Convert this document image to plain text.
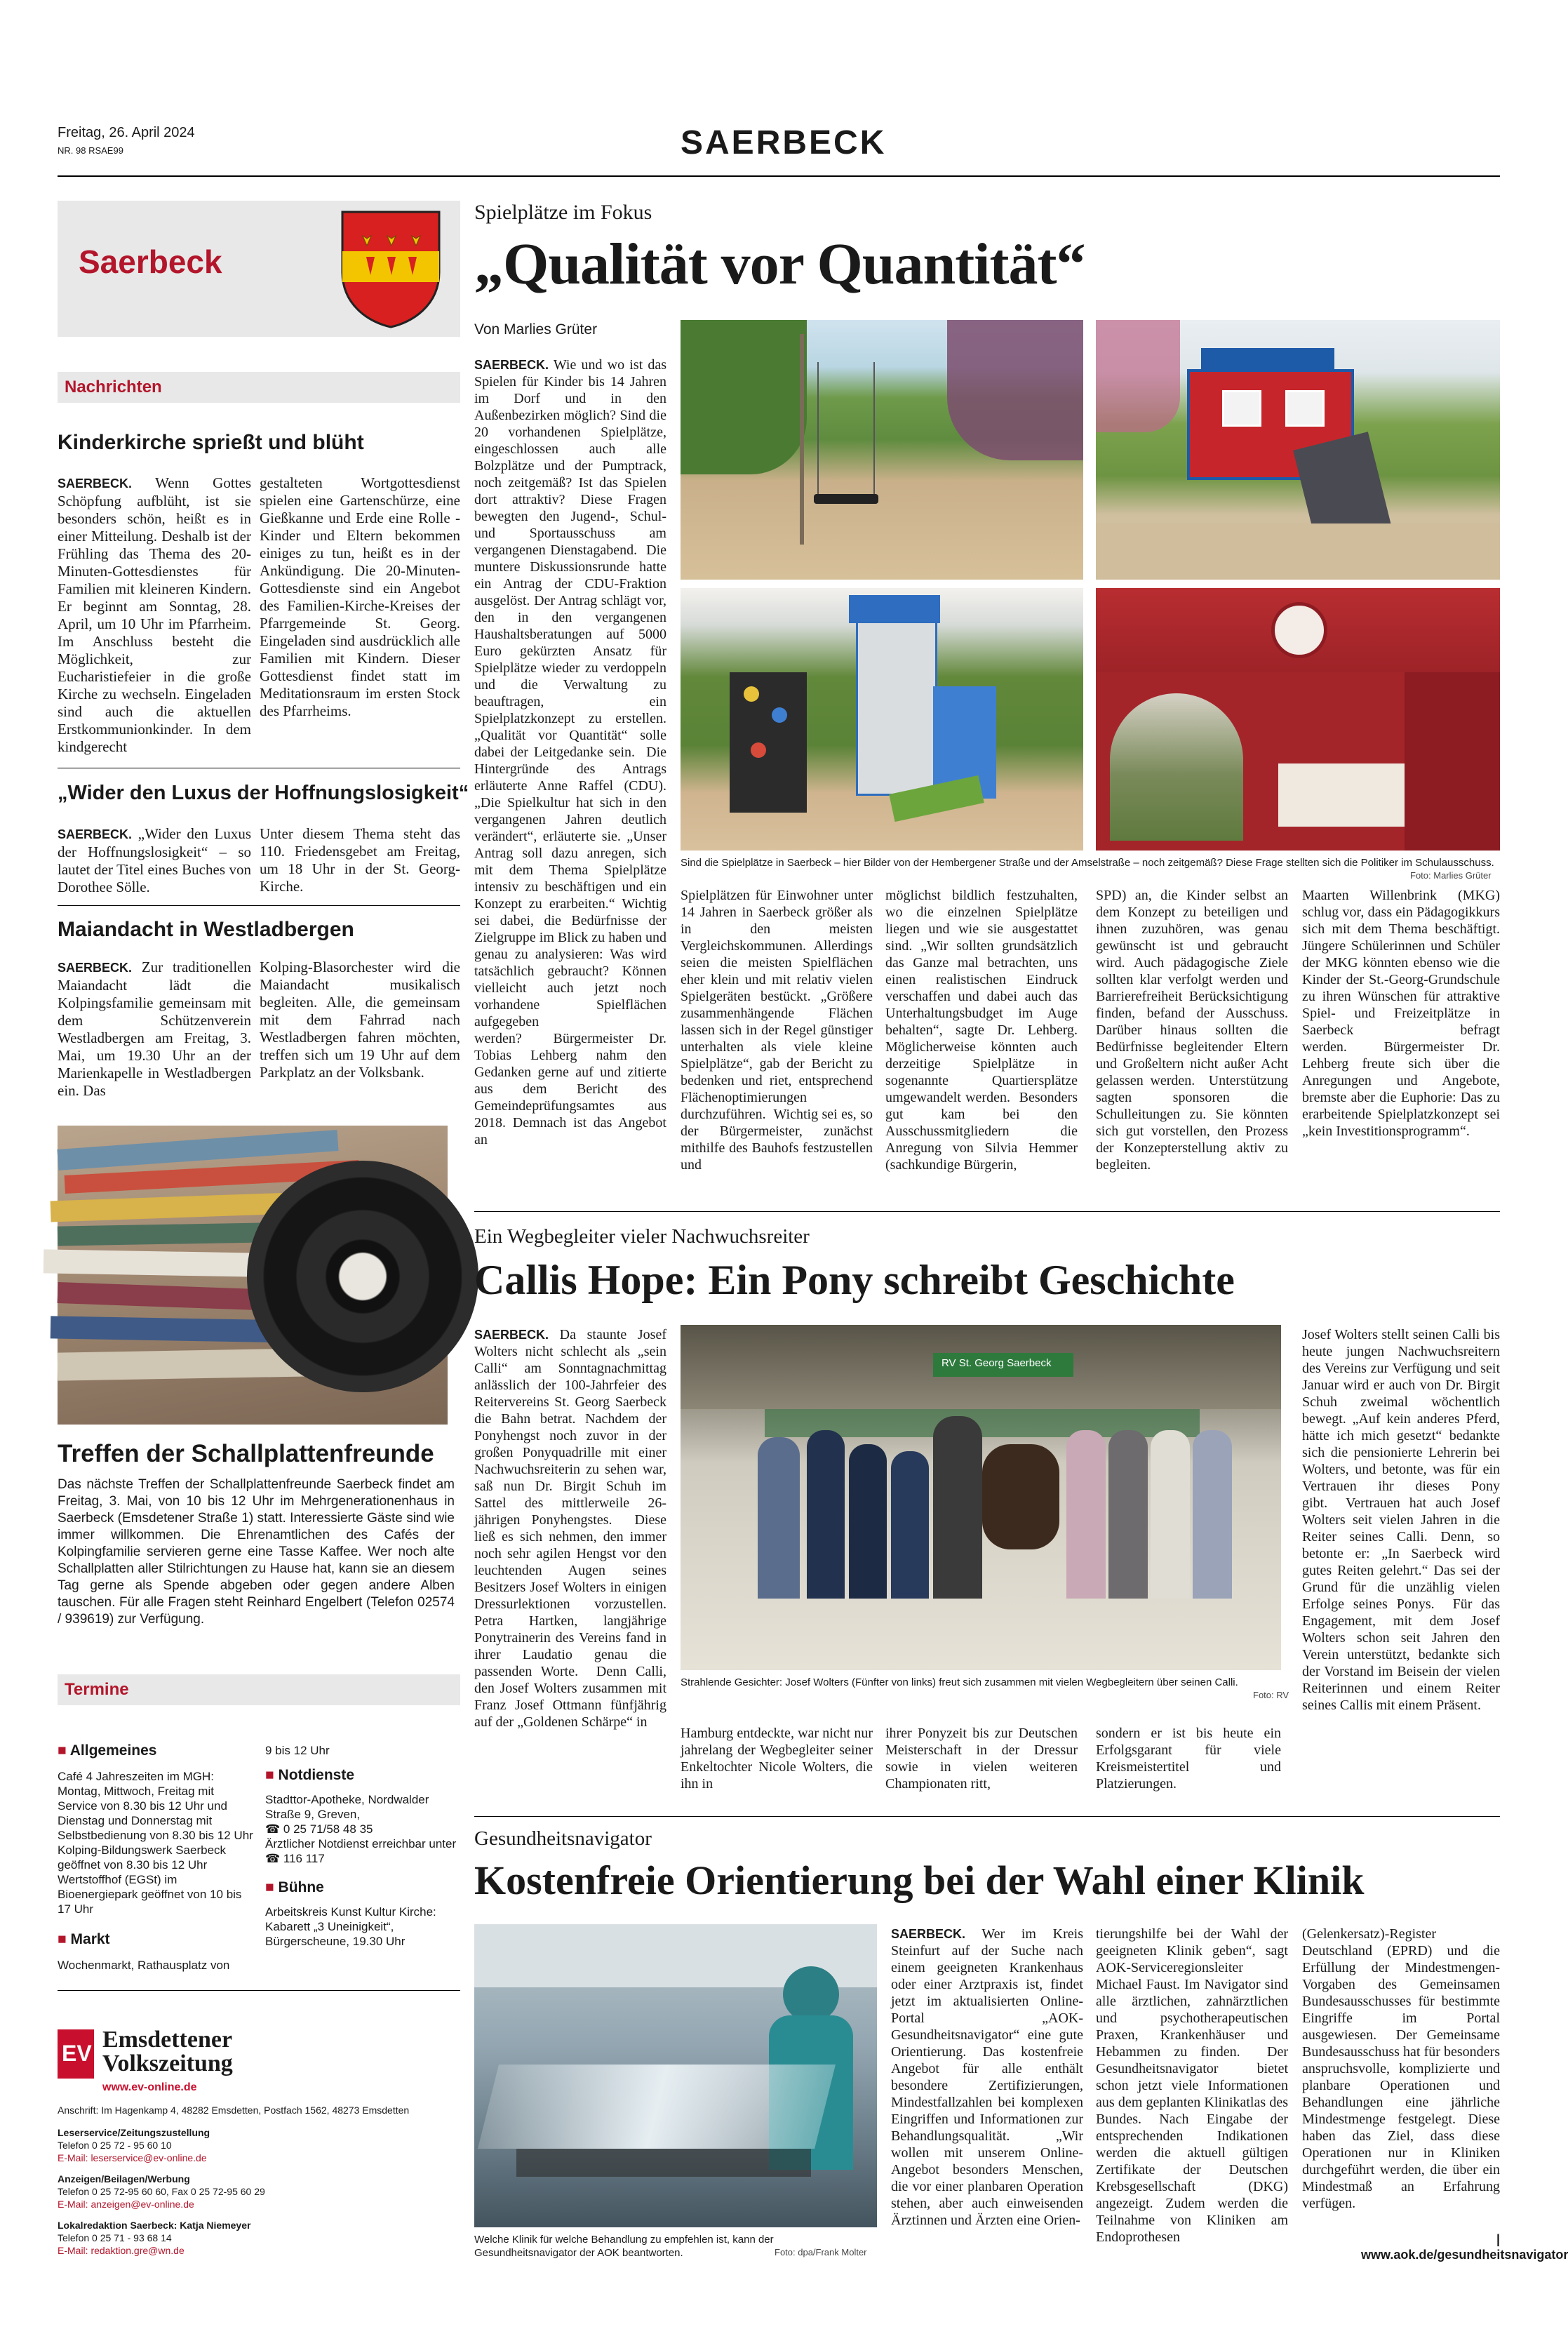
Freitag, 26. April 2024
NR. 98 RSAE99	SAERBECK
Saerbeck
Nachrichten
Kinderkirche sprießt und blüht
SAERBECK. Wenn Gottes Schöpfung aufblüht, ist sie besonders schön, heißt es in einer Mitteilung. Deshalb ist der Frühling das Thema des 20-Minuten-Gottesdienstes für Familien mit kleineren Kindern. Er beginnt am Sonntag, 28. April, um 10 Uhr im Pfarrheim. Im Anschluss besteht die Möglichkeit, zur Eucharistiefeier in die große Kirche zu wechseln. Eingeladen sind auch die aktuellen Erstkommunionkinder. In dem kindgerecht
gestalteten Wortgottesdienst spielen eine Gartenschürze, eine Gießkanne und Erde eine Rolle - Kinder und Eltern bekommen einiges zu tun, heißt es in der Ankündigung. Die 20-Minuten-Gottesdienste sind ein Angebot des Familien-Kirche-Kreises der Pfarrgemeinde St. Georg. Eingeladen sind ausdrücklich alle Familien mit Kindern. Dieser Gottesdienst findet statt im Meditationsraum im ersten Stock des Pfarrheims.
„Wider den Luxus der Hoffnungslosigkeit“
SAERBECK. „Wider den Luxus der Hoffnungslosigkeit“ – so lautet der Titel eines Buches von Dorothee Sölle.
Unter diesem Thema steht das 110. Friedensgebet am Freitag, um 18 Uhr in der St. Georg-Kirche.
Maiandacht in Westladbergen
SAERBECK. Zur traditionellen Maiandacht lädt die Kolpingsfamilie gemeinsam mit dem Schützenverein Westladbergen am Freitag, 3. Mai, um 19.30 Uhr an der Marienkapelle in Westladbergen ein. Das
Kolping-Blasorchester wird die Maiandacht musikalisch begleiten. Alle, die gemeinsam mit dem Fahrrad nach Westladbergen fahren möchten, treffen sich um 19 Uhr auf dem Parkplatz an der Volksbank.
Treffen der Schallplattenfreunde
Das nächste Treffen der Schallplattenfreunde Saerbeck findet am Freitag, 3. Mai, von 10 bis 12 Uhr im Mehrgenerationenhaus in Saerbeck (Emsdetener Straße 1) statt. Interessierte Gäste sind wie immer willkommen. Die Ehrenamtlichen des Cafés der Kolpingfamilie servieren gerne eine Tasse Kaffee. Wer noch alte Schallplatten aller Stilrichtungen zu Hause hat, kann sie an diesem Tag gerne als Spende abgeben oder gegen andere Alben tauschen. Für alle Fragen steht Reinhard Engelbert (Telefon 02574 / 939619) zur Verfügung.
Termine
■ Allgemeines
Café 4 Jahreszeiten im MGH: Montag, Mittwoch, Freitag mit Service von 8.30 bis 12 Uhr und Dienstag und Donnerstag mit Selbstbedienung von 8.30 bis 12 Uhr
Kolping-Bildungswerk Saerbeck geöffnet von 8.30 bis 12 Uhr
Wertstoffhof (EGSt) im Bioenergiepark geöffnet von 10 bis 17 Uhr
■ Markt
Wochenmarkt, Rathausplatz von
9 bis 12 Uhr
■ Notdienste
Stadttor-Apotheke, Nordwalder Straße 9, Greven,
☎ 0 25 71/58 48 35
Ärztlicher Notdienst erreichbar unter ☎ 116 117
■ Bühne
Arbeitskreis Kunst Kultur Kirche: Kabarett „3 Uneinigkeit“, Bürgerscheune, 19.30 Uhr
EV
Emsdettener
Volkszeitung
www.ev-online.de
Anschrift: Im Hagenkamp 4, 48282 Emsdetten, Postfach 1562, 48273 Emsdetten
Leserservice/Zeitungszustellung
Telefon 0 25 72 - 95 60 10
E-Mail: leserservice@ev-online.de
Anzeigen/Beilagen/Werbung
Telefon 0 25 72-95 60 60, Fax 0 25 72-95 60 29
E-Mail: anzeigen@ev-online.de
Lokalredaktion Saerbeck: Katja Niemeyer
Telefon 0 25 71 - 93 68 14
E-Mail: redaktion.gre@wn.de
Spielplätze im Fokus
„Qualität vor Quantität“
Von Marlies Grüter
SAERBECK. Wie und wo ist das Spielen für Kinder bis 14 Jahren im Dorf und in den Außenbezirken möglich? Sind die 20 vorhandenen Spielplätze, eingeschlossen auch alle Bolzplätze und der Pumptrack, noch zeitgemäß? Ist das Spielen dort attraktiv? Diese Fragen bewegten den Jugend-, Schul- und Sportausschuss am vergangenen Dienstagabend.  Die muntere Diskussionsrunde hatte ein Antrag der CDU-Fraktion ausgelöst. Der Antrag schlägt vor, den in den vergangenen Haushaltsberatungen auf 5000 Euro gekürzten Ansatz für Spielplätze wieder zu verdoppeln und die Verwaltung zu beauftragen, ein Spielplatzkonzept zu erstellen. „Qualität vor Quantität“ solle dabei der Leitgedanke sein.  Die Hintergründe des Antrags erläuterte Anne Raffel (CDU). „Die Spielkultur hat sich in den vergangenen Jahren deutlich verändert“, erläuterte sie. „Unser Antrag soll dazu anregen, sich mit dem Thema Spielplätze intensiv zu beschäftigen und ein Konzept zu erarbeiten.“ Wichtig sei dabei, die Bedürfnisse der Zielgruppe im Blick zu haben und genau zu analysieren: Was wird tatsächlich gebraucht? Können vielleicht auch jetzt noch vorhandene Spielflächen aufgegeben werden?  Bürgermeister Dr. Tobias Lehberg nahm den Gedanken gerne auf und zitierte aus dem Bericht des Gemeindeprüfungsamtes aus 2018. Demnach ist das Angebot an
Sind die Spielplätze in Saerbeck – hier Bilder von der Hembergener Straße und der Amselstraße – noch zeitgemäß? Diese Frage stellten sich die Politiker im Schulausschuss.
Foto: Marlies Grüter
Spielplätzen für Einwohner unter 14 Jahren in Saerbeck größer als in den meisten Vergleichskommunen. Allerdings seien die meisten Spielflächen eher klein und mit relativ vielen Spielgeräten bestückt. „Größere zusammenhängende Flächen lassen sich in der Regel günstiger unterhalten als viele kleine Spielplätze“, gab der Bericht zu bedenken und riet, entsprechend Flächenoptimierungen durchzuführen.  Wichtig sei es, so der Bürgermeister, zunächst mithilfe des Bauhofs festzustellen und
möglichst bildlich festzuhalten, wo die einzelnen Spielplätze liegen und wie sie ausgestattet sind. „Wir sollten grundsätzlich das Ganze mal betrachten, uns einen realistischen Eindruck verschaffen und dabei auch das Unterhaltungsbudget im Auge behalten“, sagte Dr. Lehberg. Möglicherweise könnten auch derzeitige Spielplätze in sogenannte Quartiersplätze umgewandelt werden.  Besonders gut kam bei den Ausschussmitgliedern die Anregung von Silvia Hemmer (sachkundige Bürgerin,
SPD) an, die Kinder selbst an dem Konzept zu beteiligen und ihnen zuzuhören, was genau gewünscht ist und gebraucht wird. Auch pädagogische Ziele sollten klar verfolgt werden und Barrierefreiheit Berücksichtigung finden, befand der Ausschuss. Darüber hinaus sollten die Bedürfnisse begleitender Eltern und Großeltern nicht außer Acht gelassen werden.  Unterstützung sagten sponsoren die Schulleitungen zu. Sie könnten sich gut vorstellen, den Prozess der Konzepterstellung aktiv zu begleiten.
Maarten Willenbrink (MKG) schlug vor, dass ein Pädagogikkurs sich mit dem Thema beschäftigt. Jüngere Schülerinnen und Schüler der MKG könnten ebenso wie die Kinder der St.-Georg-Grundschule zu ihren Wünschen für attraktive Spiel- und Freizeitplätze in Saerbeck befragt werden.  Bürgermeister Dr. Lehberg freute sich über die Anregungen und Angebote, bremste aber die Euphorie: Das zu erarbeitende Spielplatzkonzept sei „kein Investitionsprogramm“.
Ein Wegbegleiter vieler Nachwuchsreiter
Callis Hope: Ein Pony schreibt Geschichte
SAERBECK. Da staunte Josef Wolters nicht schlecht als „sein Calli“ am Sonntagnachmittag anlässlich der 100-Jahrfeier des Reitervereins St. Georg Saerbeck die Bahn betrat. Nachdem der Ponyhengst noch zuvor in der großen Ponyquadrille mit einer Nachwuchsreiterin zu sehen war, saß nun Dr. Birgit Schuh im Sattel des mittlerweile 26-jährigen Ponyhengstes.  Diese ließ es sich nehmen, den immer noch sehr agilen Hengst vor den leuchtenden Augen seines Besitzers Josef Wolters in einigen Dressurlektionen vorzustellen. Petra Hartken, langjährige Ponytrainerin des Vereins fand in ihrer Laudatio genau die passenden Worte.  Denn Calli, den Josef Wolters zusammen mit Franz Josef Ottmann fünfjährig auf der „Goldenen Schärpe“ in
RV St. Georg Saerbeck
Strahlende Gesichter: Josef Wolters (Fünfter von links) freut sich zusammen mit vielen Wegbegleitern über seinen Calli.
Foto: RV
Hamburg entdeckte, war nicht nur jahrelang der Wegbegleiter seiner Enkeltochter Nicole Wolters, die ihn in
ihrer Ponyzeit bis zur Deutschen Meisterschaft in der Dressur sowie in vielen weiteren Championaten ritt,
sondern er ist bis heute ein Erfolgsgarant für viele Kreismeistertitel und Platzierungen.
Josef Wolters stellt seinen Calli bis heute jungen Nachwuchsreitern des Vereins zur Verfügung und seit Januar wird er auch von Dr. Birgit Schuh zweimal wöchentlich bewegt. „Auf kein anderes Pferd, hätte ich mich gesetzt“ bedankte sich die pensionierte Lehrerin bei Wolters, und betonte, was für ein Vertrauen ihr dieses Pony gibt.  Vertrauen hat auch Josef Wolters seit vielen Jahren in die Reiter seines Calli. Denn, so betonte er: „In Saerbeck wird gutes Reiten gelehrt.“ Das sei der Grund für die unzählig vielen Erfolge seines Ponys.  Für das Engagement, mit dem Josef Wolters schon seit Jahren den Verein unterstützt, bedankte sich der Vorstand im Beisein der vielen Reiterinnen und einem Reiter seines Callis mit einem Präsent.
Gesundheitsnavigator
Kostenfreie Orientierung bei der Wahl einer Klinik
Welche Klinik für welche Behandlung zu empfehlen ist, kann der Gesundheitsnavigator der AOK beantworten.	Foto: dpa/Frank Molter
SAERBECK. Wer im Kreis Steinfurt auf der Suche nach einem geeigneten Krankenhaus oder einer Arztpraxis ist, findet jetzt im aktualisierten Online-Portal „AOK-Gesundheitsnavigator“ eine gute Orientierung. Das kostenfreie Angebot für alle enthält besondere Zertifizierungen, Mindestfallzahlen bei komplexen Eingriffen und Informationen zur Behandlungsqualität.  „Wir wollen mit unserem Online-Angebot besonders Menschen, die vor einer planbaren Operation stehen, aber auch einweisenden Ärztinnen und Ärzten eine Orien-
tierungshilfe bei der Wahl der geeigneten Klinik geben“, sagt AOK-Serviceregionsleiter Michael Faust. Im Navigator sind alle ärztlichen, zahnärztlichen und psychotherapeutischen Praxen, Krankenhäuser und Hebammen zu finden.  Der Gesundheitsnavigator bietet schon jetzt viele Informationen aus dem geplanten Klinikatlas des Bundes. Nach Eingabe der entsprechenden Indikationen werden die aktuell gültigen Zertifikate der Deutschen Krebsgesellschaft (DKG) angezeigt. Zudem werden die Teilnahme von Kliniken am Endoprothesen
(Gelenkersatz)-Register Deutschland (EPRD) und die Erfüllung der Mindestmengen-Vorgaben des Gemeinsamen Bundesausschusses für bestimmte Eingriffe im Portal ausgewiesen.  Der Gemeinsame Bundesausschuss hat für besonders anspruchsvolle, komplizierte und planbare Operationen und Behandlungen eine jährliche Mindestmenge festgelegt. Diese haben das Ziel, dass diese Operationen nur in Kliniken durchgeführt werden, die über ein Mindestmaß an Erfahrung verfügen.
| www.aok.de/gesundheitsnavigator
